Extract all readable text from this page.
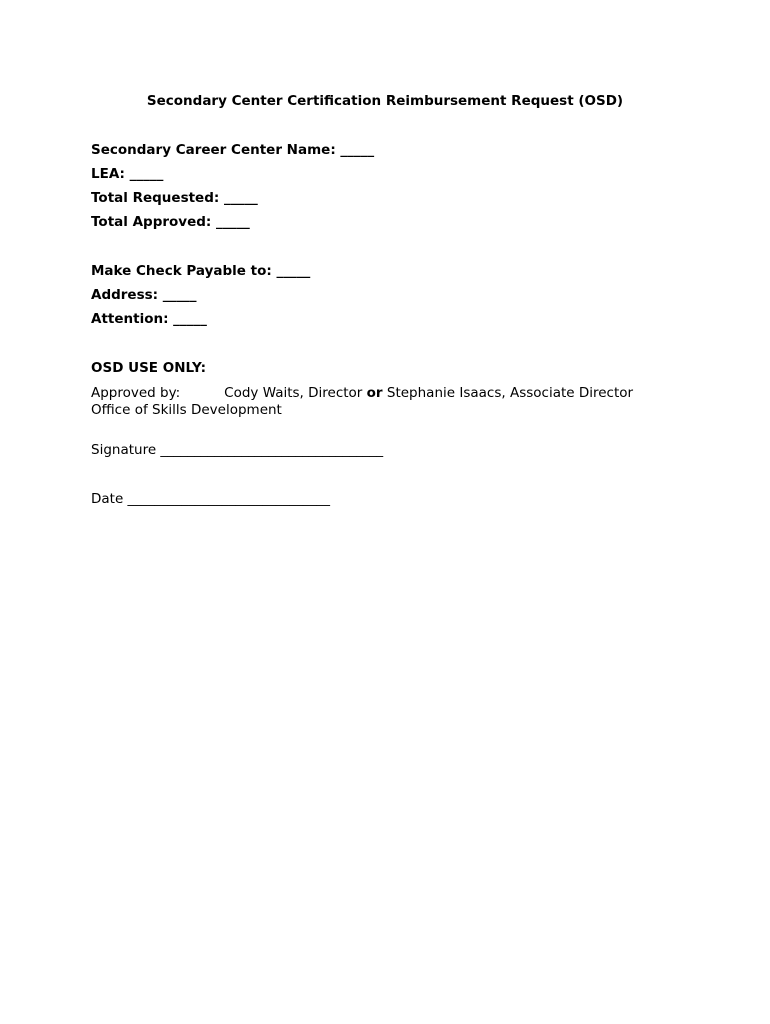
Secondary Center Certification Reimbursement Request (OSD)
Secondary Career Center Name: _____
LEA: _____
Total Requested: _____
Total Approved: _____
Make Check Payable to: _____
Address: _____
Attention: _____
OSD USE ONLY:
Approved by:	Cody Waits, Director or Stephanie Isaacs, Associate Director
Office of Skills Development
Signature _________________________________
Date ______________________________
